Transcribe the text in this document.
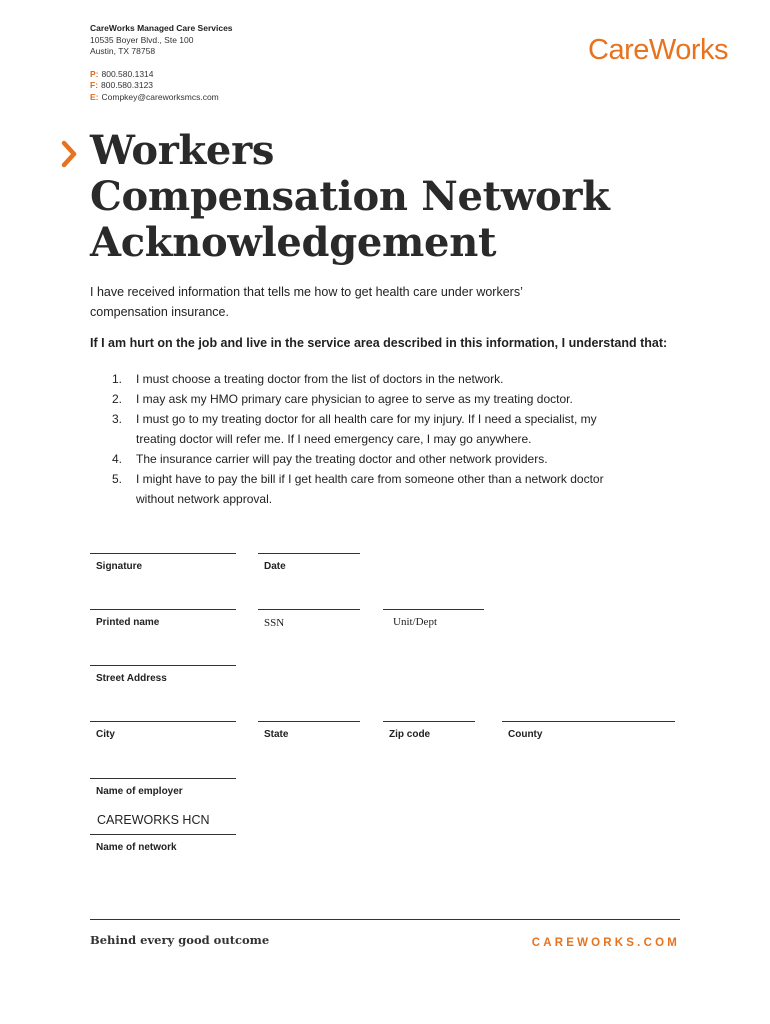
CareWorks Managed Care Services
10535 Boyer Blvd., Ste 100
Austin, TX 78758
P: 800.580.1314
F: 800.580.3123
E: Compkey@careworksmcs.com
CareWorks
Workers
Compensation Network
Acknowledgement

I have received information that tells me how to get health care under workers’ compensation insurance.

If I am hurt on the job and live in the service area described in this information, I understand that:

1. I must choose a treating doctor from the list of doctors in the network.
2. I may ask my HMO primary care physician to agree to serve as my treating doctor.
3. I must go to my treating doctor for all health care for my injury. If I need a specialist, my treating doctor will refer me. If I need emergency care, I may go anywhere.
4. The insurance carrier will pay the treating doctor and other network providers.
5. I might have to pay the bill if I get health care from someone other than a network doctor without network approval.
Signature	Date
Printed name	SSN	Unit/Dept
Street Address
City	State	Zip code	County
Name of employer
CAREWORKS HCN
Name of network
Behind every good outcome	CAREWORKS.COM
